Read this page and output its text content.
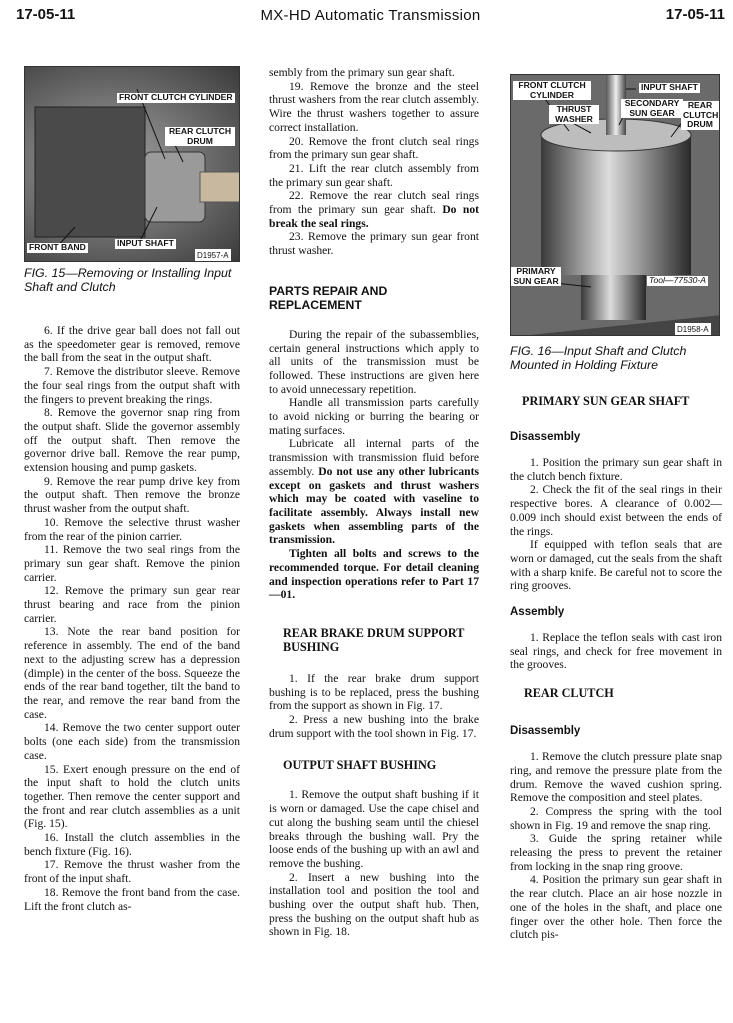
17-05-11	MX-HD Automatic Transmission	17-05-11
FRONT CLUTCH CYLINDER
REAR CLUTCH DRUM
FRONT BAND	INPUT SHAFT
D1957-A
FIG. 15—Removing or Installing Input Shaft and Clutch
6. If the drive gear ball does not fall out as the speedometer gear is removed, remove the ball from the seat in the output shaft.
7. Remove the distributor sleeve. Remove the four seal rings from the output shaft with the fingers to prevent breaking the rings.
8. Remove the governor snap ring from the output shaft. Slide the governor assembly off the output shaft. Then remove the governor drive ball. Remove the rear pump, extension housing and pump gaskets.
9. Remove the rear pump drive key from the output shaft. Then remove the bronze thrust washer from the output shaft.
10. Remove the selective thrust washer from the rear of the pinion carrier.
11. Remove the two seal rings from the primary sun gear shaft. Remove the pinion carrier.
12. Remove the primary sun gear rear thrust bearing and race from the pinion carrier.
13. Note the rear band position for reference in assembly. The end of the band next to the adjusting screw has a depression (dimple) in the center of the boss. Squeeze the ends of the rear band together, tilt the band to the rear, and remove the rear band from the case.
14. Remove the two center support outer bolts (one each side) from the transmission case.
15. Exert enough pressure on the end of the input shaft to hold the clutch units together. Then remove the center support and the front and rear clutch assemblies as a unit (Fig. 15).
16. Install the clutch assemblies in the bench fixture (Fig. 16).
17. Remove the thrust washer from the front of the input shaft.
18. Remove the front band from the case. Lift the front clutch as-
sembly from the primary sun gear shaft.
19. Remove the bronze and the steel thrust washers from the rear clutch assembly. Wire the thrust washers together to assure correct installation.
20. Remove the front clutch seal rings from the primary sun gear shaft.
21. Lift the rear clutch assembly from the primary sun gear shaft.
22. Remove the rear clutch seal rings from the primary sun gear shaft. Do not break the seal rings.
23. Remove the primary sun gear front thrust washer.
PARTS REPAIR AND REPLACEMENT
During the repair of the subassemblies, certain general instructions which apply to all units of the transmission must be followed. These instructions are given here to avoid unnecessary repetition.
Handle all transmission parts carefully to avoid nicking or burring the bearing or mating surfaces.
Lubricate all internal parts of the transmission with transmission fluid before assembly. Do not use any other lubricants except on gaskets and thrust washers which may be coated with vaseline to facilitate assembly. Always install new gaskets when assembling parts of the transmission.
Tighten all bolts and screws to the recommended torque. For detail cleaning and inspection operations refer to Part 17—01.
REAR BRAKE DRUM SUPPORT BUSHING
1. If the rear brake drum support bushing is to be replaced, press the bushing from the support as shown in Fig. 17.
2. Press a new bushing into the brake drum support with the tool shown in Fig. 17.
OUTPUT SHAFT BUSHING
1. Remove the output shaft bushing if it is worn or damaged. Use the cape chisel and cut along the bushing seam until the chiesel breaks through the bushing wall. Pry the loose ends of the bushing up with an awl and remove the bushing.
2. Insert a new bushing into the installation tool and position the tool and bushing over the output shaft hub. Then, press the bushing on the output shaft hub as shown in Fig. 18.
FRONT CLUTCH CYLINDER
INPUT SHAFT
THRUST WASHER
SECONDARY SUN GEAR
REAR CLUTCH DRUM
PRIMARY SUN GEAR	Tool—77530-A
D1958-A
FIG. 16—Input Shaft and Clutch Mounted in Holding Fixture
PRIMARY SUN GEAR SHAFT
Disassembly
1. Position the primary sun gear shaft in the clutch bench fixture.
2. Check the fit of the seal rings in their respective bores. A clearance of 0.002—0.009 inch should exist between the ends of the rings.
If equipped with teflon seals that are worn or damaged, cut the seals from the shaft with a sharp knife. Be careful not to score the ring grooves.
Assembly
1. Replace the teflon seals with cast iron seal rings, and check for free movement in the grooves.
REAR CLUTCH
Disassembly
1. Remove the clutch pressure plate snap ring, and remove the pressure plate from the drum. Remove the waved cushion spring. Remove the composition and steel plates.
2. Compress the spring with the tool shown in Fig. 19 and remove the snap ring.
3. Guide the spring retainer while releasing the press to prevent the retainer from locking in the snap ring groove.
4. Position the primary sun gear shaft in the rear clutch. Place an air hose nozzle in one of the holes in the shaft, and place one finger over the other hole. Then force the clutch pis-
